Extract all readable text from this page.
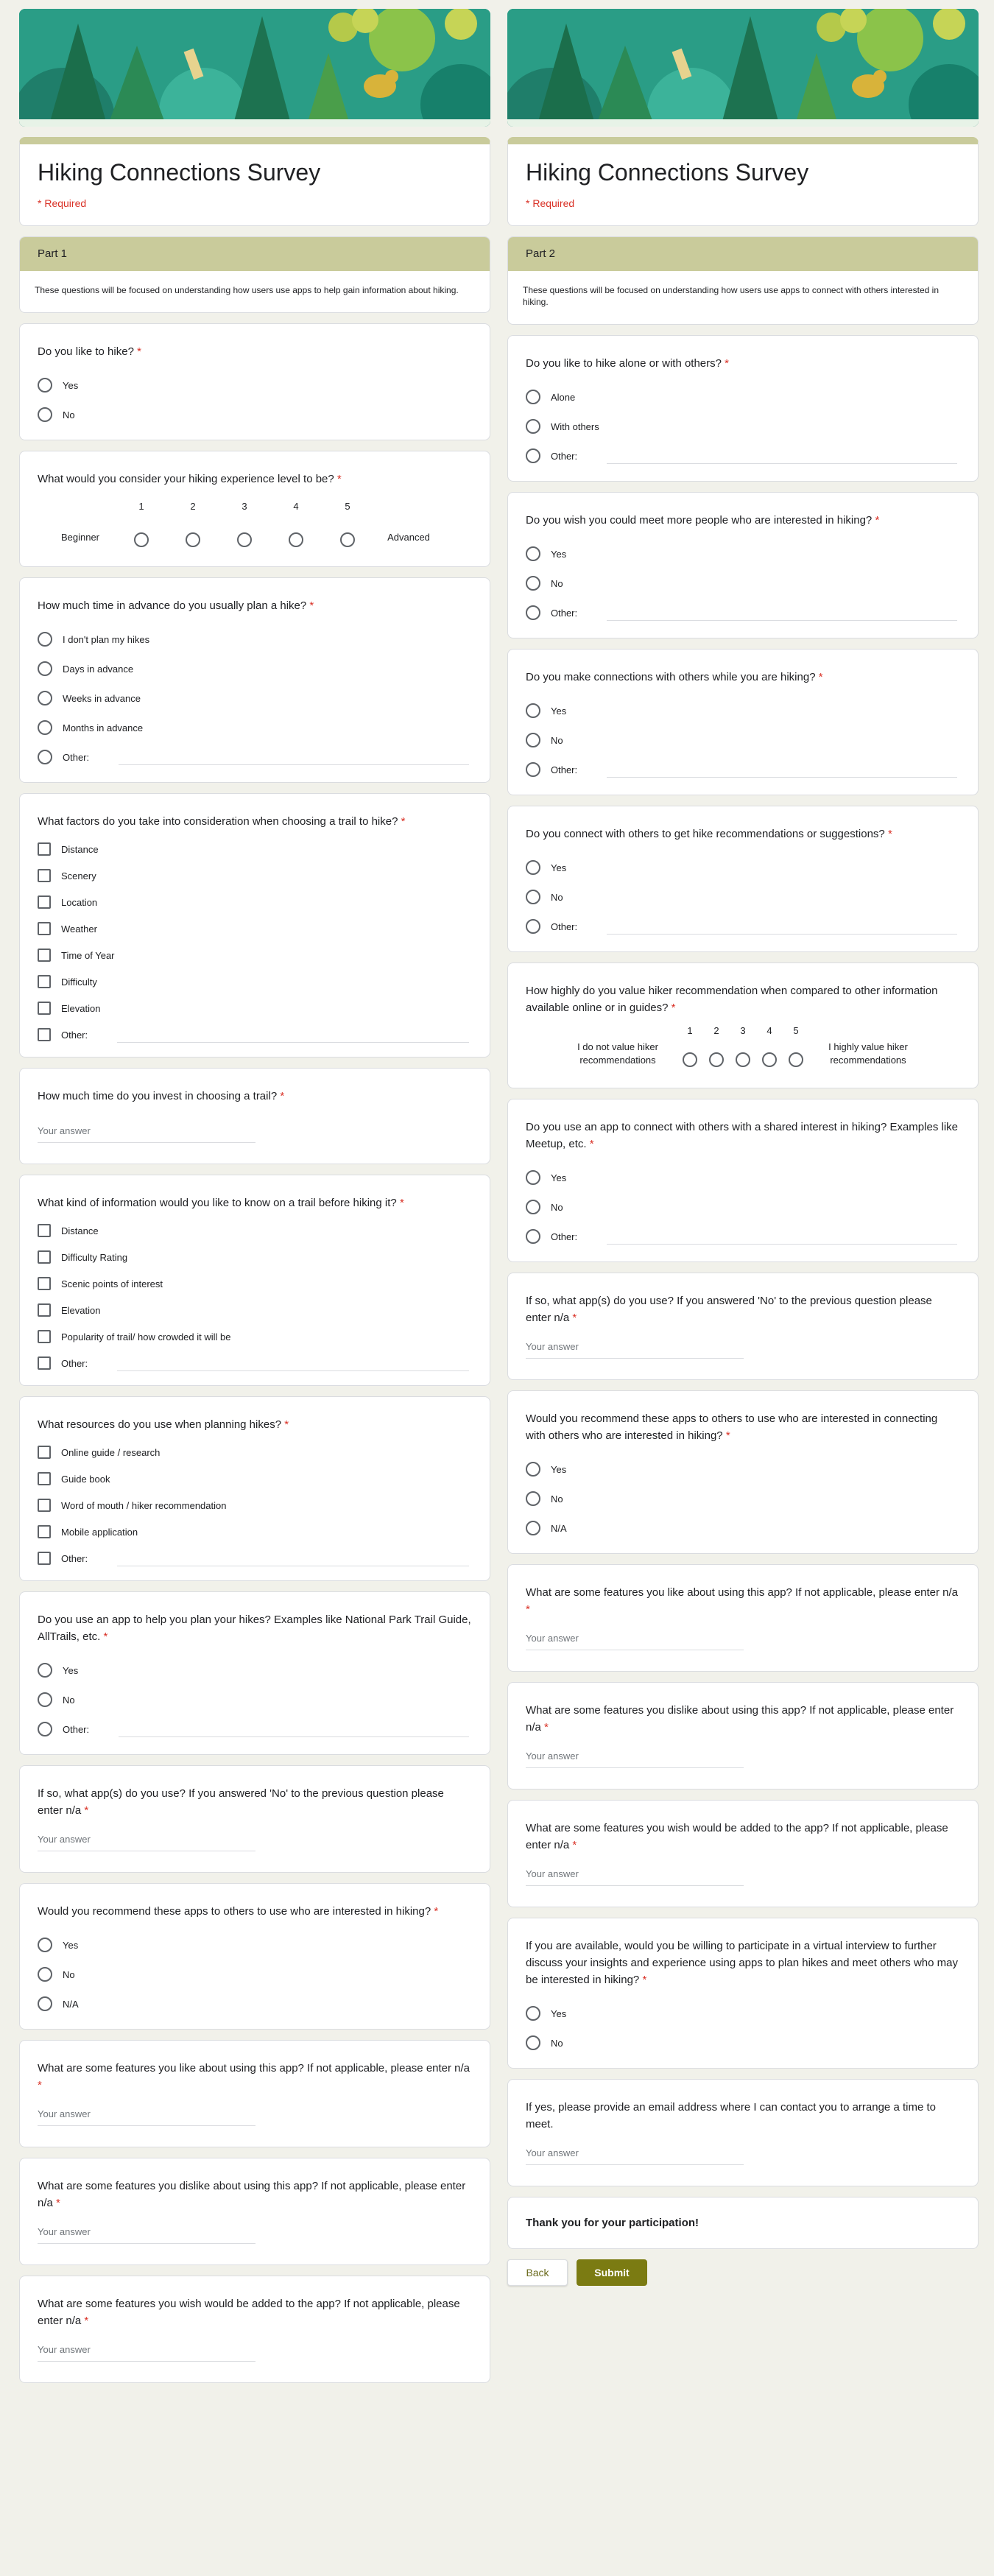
Hiking Connections Survey
* Required
Part 1
These questions will be focused on understanding how users use apps to help gain information about hiking.
Do you like to hike? *
Yes
No
What would you consider your hiking experience level to be? *
Beginner
1	2	3	4	5
Advanced
How much time in advance do you usually plan a hike? *
I don't plan my hikes
Days in advance
Weeks in advance
Months in advance
Other:
What factors do you take into consideration when choosing a trail to hike? *
Distance
Scenery
Location
Weather
Time of Year
Difficulty
Elevation
Other:
How much time do you invest in choosing a trail? *
Your answer
What kind of information would you like to know on a trail before hiking it? *
Distance
Difficulty Rating
Scenic points of interest
Elevation
Popularity of trail/ how crowded it will be
Other:
What resources do you use when planning hikes? *
Online guide / research
Guide book
Word of mouth / hiker recommendation
Mobile application
Other:
Do you use an app to help you plan your hikes? Examples like National Park Trail Guide, AllTrails, etc. *
Yes
No
Other:
If so, what app(s) do you use? If you answered 'No' to the previous question please enter n/a *
Your answer
Would you recommend these apps to others to use who are interested in hiking? *
Yes
No
N/A
What are some features you like about using this app? If not applicable, please enter n/a *
Your answer
What are some features you dislike about using this app? If not applicable, please enter n/a *
Your answer
What are some features you wish would be added to the app? If not applicable, please enter n/a *
Your answer
Hiking Connections Survey
* Required
Part 2
These questions will be focused on understanding how users use apps to connect with others interested in hiking.
Do you like to hike alone or with others? *
Alone
With others
Other:
Do you wish you could meet more people who are interested in hiking? *
Yes
No
Other:
Do you make connections with others while you are hiking? *
Yes
No
Other:
Do you connect with others to get hike recommendations or suggestions? *
Yes
No
Other:
How highly do you value hiker recommendation when compared to other information available online or in guides? *
I do not value hiker recommendations
1 2 3 4 5
I highly value hiker recommendations
Do you use an app to connect with others with a shared interest in hiking? Examples like Meetup, etc. *
Yes
No
Other:
If so, what app(s) do you use? If you answered 'No' to the previous question please enter n/a *
Your answer
Would you recommend these apps to others to use who are interested in connecting with others who are interested in hiking? *
Yes
No
N/A
What are some features you like about using this app? If not applicable, please enter n/a *
Your answer
What are some features you dislike about using this app? If not applicable, please enter n/a *
Your answer
What are some features you wish would be added to the app? If not applicable, please enter n/a *
Your answer
If you are available, would you be willing to participate in a virtual interview to further discuss your insights and experience using apps to plan hikes and meet others who may be interested in hiking? *
Yes
No
If yes, please provide an email address where I can contact you to arrange a time to meet.
Your answer
Thank you for your participation!
Back	Submit
